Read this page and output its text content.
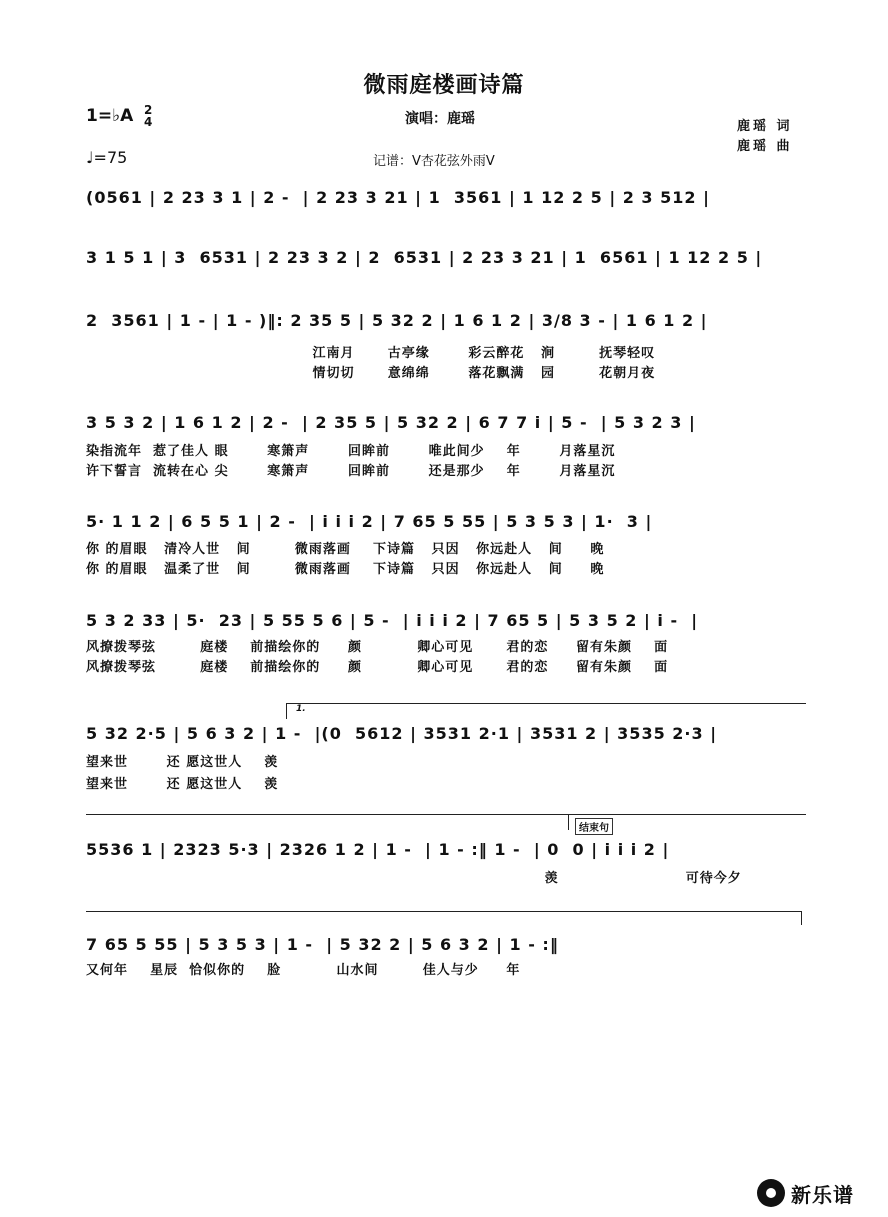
微雨庭楼画诗篇
1=♭A 2
4
♩=75
演唱：鹿瑶
记谱：V杏花弦外雨V
鹿瑶 词
鹿瑶 曲
(0561 | 2 23 3 1 | 2 -  | 2 23 3 21 | 1  3561 | 1 12 2 5 | 2 3 512 |
3 1 5 1 | 3  6531 | 2 23 3 2 | 2  6531 | 2 23 3 21 | 1  6561 | 1 12 2 5 |
2  3561 | 1 - | 1 - )‖: 2 35 5 | 5 32 2 | 1 6 1 2 | 3/8 3 - | 1 6 1 2 |
江南月      古亭缘       彩云醉花   涧        抚琴轻叹
情切切      意绵绵       落花飘满   园        花朝月夜
3 5 3 2 | 1 6 1 2 | 2 -  | 2 35 5 | 5 32 2 | 6 7 7 i | 5 -  | 5 3 2 3 |
染指流年  惹了佳人 眼       寒箫声       回眸前       唯此间少    年       月落星沉
许下誓言  流转在心 尖       寒箫声       回眸前       还是那少    年       月落星沉
5· 1 1 2 | 6 5 5 1 | 2 -  | i i i 2 | 7 65 5 55 | 5 3 5 3 | 1·  3 |
你 的眉眼   清冷人世   间        微雨落画    下诗篇   只因   你远赴人   间     晚
你 的眉眼   温柔了世   间        微雨落画    下诗篇   只因   你远赴人   间     晚
5 3 2 33 | 5·  23 | 5 55 5 6 | 5 -  | i i i 2 | 7 65 5 | 5 3 5 2 | i -  |
风撩拨琴弦        庭楼    前描绘你的     颜          卿心可见      君的恋     留有朱颜    面
风撩拨琴弦        庭楼    前描绘你的     颜          卿心可见      君的恋     留有朱颜    面
1.
5 32 2·5 | 5 6 3 2 | 1 -  |(0  5612 | 3531 2·1 | 3531 2 | 3535 2·3 |
望来世       还 愿这世人    羡
望来世       还 愿这世人    羡
结束句
5536 1 | 2323 5·3 | 2326 1 2 | 1 -  | 1 - :‖ 1 -  | 0  0 | i i i 2 |
羡                       可待今夕
7 65 5 55 | 5 3 5 3 | 1 -  | 5 32 2 | 5 6 3 2 | 1 - :‖
又何年    星辰  恰似你的    脸          山水间        佳人与少     年
新乐谱
